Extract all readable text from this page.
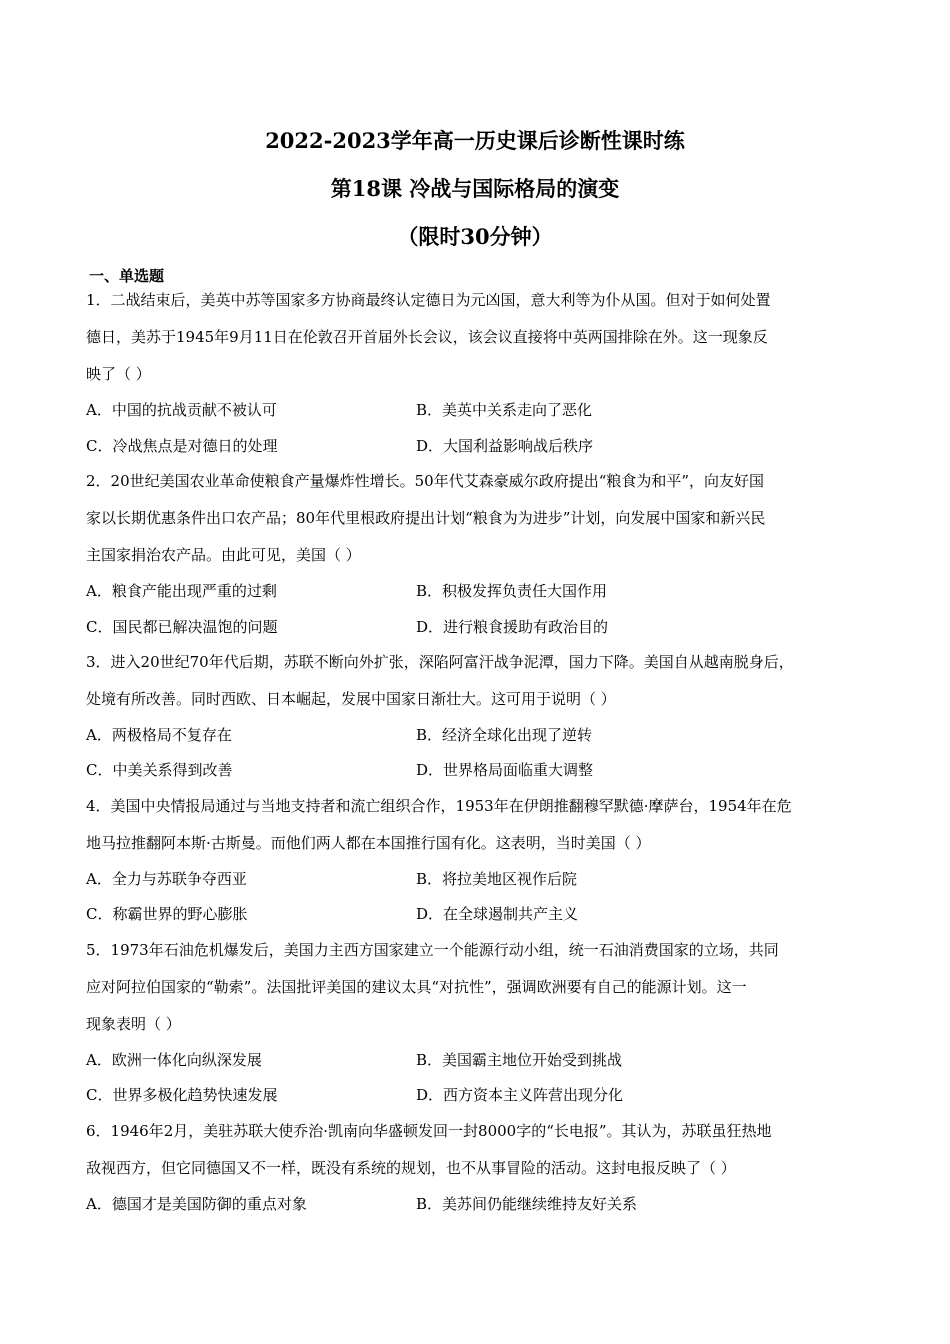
2022-2023学年高一历史课后诊断性课时练
第18课 冷战与国际格局的演变
（限时30分钟）
一、单选题
1．二战结束后，美英中苏等国家多方协商最终认定德日为元凶国，意大利等为仆从国。但对于如何处置
德日，美苏于1945年9月11日在伦敦召开首届外长会议，该会议直接将中英两国排除在外。这一现象反
映了（ ）
A．中国的抗战贡献不被认可	B．美英中关系走向了恶化
C．冷战焦点是对德日的处理	D．大国利益影响战后秩序
2．20世纪美国农业革命使粮食产量爆炸性增长。50年代艾森豪威尔政府提出“粮食为和平”，向友好国
家以长期优惠条件出口农产品；80年代里根政府提出计划“粮食为为进步”计划，向发展中国家和新兴民
主国家捐治农产品。由此可见，美国（ ）
A．粮食产能出现严重的过剩	B．积极发挥负责任大国作用
C．国民都已解决温饱的问题	D．进行粮食援助有政治目的
3．进入20世纪70年代后期，苏联不断向外扩张，深陷阿富汗战争泥潭，国力下降。美国自从越南脱身后，
处境有所改善。同时西欧、日本崛起，发展中国家日渐壮大。这可用于说明（ ）
A．两极格局不复存在	B．经济全球化出现了逆转
C．中美关系得到改善	D．世界格局面临重大调整
4．美国中央情报局通过与当地支持者和流亡组织合作，1953年在伊朗推翻穆罕默德·摩萨台，1954年在危
地马拉推翻阿本斯·古斯曼。而他们两人都在本国推行国有化。这表明，当时美国（ ）
A．全力与苏联争夺西亚	B．将拉美地区视作后院
C．称霸世界的野心膨胀	D．在全球遏制共产主义
5．1973年石油危机爆发后，美国力主西方国家建立一个能源行动小组，统一石油消费国家的立场，共同
应对阿拉伯国家的“勒索”。法国批评美国的建议太具“对抗性”，强调欧洲要有自己的能源计划。这一
现象表明（ ）
A．欧洲一体化向纵深发展	B．美国霸主地位开始受到挑战
C．世界多极化趋势快速发展	D．西方资本主义阵营出现分化
6．1946年2月，美驻苏联大使乔治·凯南向华盛顿发回一封8000字的“长电报”。其认为，苏联虽狂热地
敌视西方，但它同德国又不一样，既没有系统的规划，也不从事冒险的活动。这封电报反映了（ ）
A．德国才是美国防御的重点对象	B．美苏间仍能继续维持友好关系
